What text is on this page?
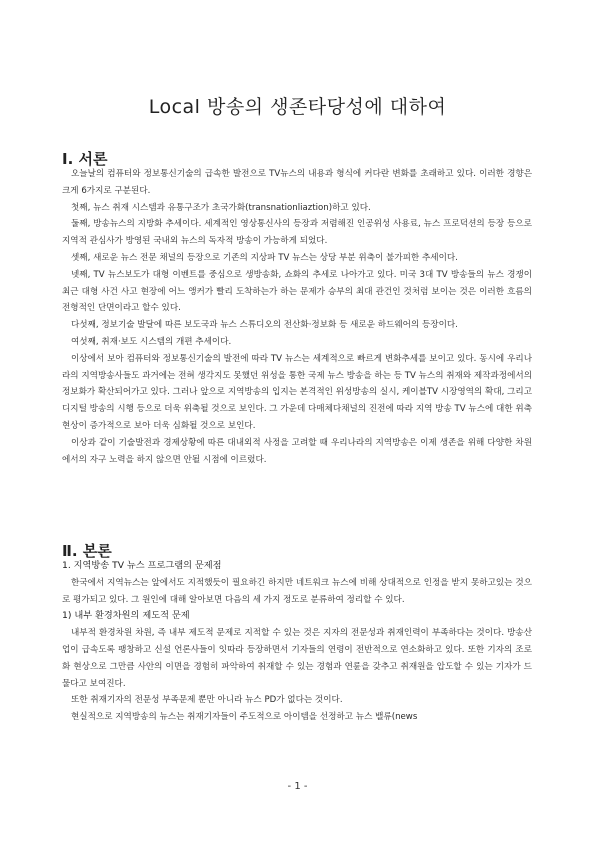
Local 방송의 생존타당성에 대하여
Ⅰ. 서론

오늘날의 컴퓨터와 정보통신기술의 급속한 발전으로 TV뉴스의 내용과 형식에 커다란 변화를 초래하고 있다. 이러한 경향은 크게 6가지로 구분된다.

첫째, 뉴스 취재 시스템과 유통구조가 초국가화(transnationliaztion)하고 있다.

둘째, 방송뉴스의 지방화 추세이다. 세계적인 영상통신사의 등장과 저렴해진 인공위성 사용료, 뉴스 프로덕션의 등장 등으로 지역적 관심사가 방영된 국내외 뉴스의 독자적 방송이 가능하게 되었다.

셋째, 새로운 뉴스 전문 채널의 등장으로 기존의 지상파 TV 뉴스는 상당 부분 위축이 불가피한 추세이다.

넷째, TV 뉴스보도가 대형 이벤트를 중심으로 생방송화, 쇼화의 추세로 나아가고 있다. 미국 3대 TV 방송들의 뉴스 경쟁이 최근 대형 사건 사고 현장에 어느 앵커가 빨리 도착하는가 하는 문제가 승부의 최대 관건인 것처럼 보이는 것은 이러한 흐름의 전형적인 단면이라고 할수 있다.

다섯째, 정보기술 발달에 따른 보도국과 뉴스 스튜디오의 전산화·정보화 등 새로운 하드웨어의 등장이다.

여섯째, 취재·보도 시스템의 개편 추세이다.

이상에서 보아 컴퓨터와 정보통신기술의 발전에 따라 TV 뉴스는 세계적으로 빠르게 변화추세를 보이고 있다. 동시에 우리나라의 지역방송사들도 과거에는 전혀 생각지도 못했던 위성을 통한 국제 뉴스 방송을 하는 등 TV 뉴스의 취재와 제작과정에서의 정보화가 확산되어가고 있다. 그러나 앞으로 지역방송의 입지는 본격적인 위성방송의 실시, 케이블TV 시장영역의 확대, 그리고 디지털 방송의 시행 등으로 더욱 위축될 것으로 보인다. 그 가운데 다매체다채널의 진전에 따라 지역 방송 TV 뉴스에 대한 위축 현상이 증가적으로 보아 더욱 심화될 것으로 보인다.

이상과 같이 기술발전과 경제상황에 따른 대내외적 사정을 고려할 때 우리나라의 지역방송은 이제 생존을 위해 다양한 차원에서의 자구 노력을 하지 않으면 안될 시점에 이르렀다.

Ⅱ. 본론

1. 지역방송 TV 뉴스 프로그램의 문제점

한국에서 지역뉴스는 앞에서도 지적했듯이 필요하긴 하지만 네트워크 뉴스에 비해 상대적으로 인정을 받지 못하고있는 것으로 평가되고 있다. 그 원인에 대해 알아보면 다음의 세 가지 정도로 분류하여 정리할 수 있다.

1) 내부 환경차원의 제도적 문제

내부적 환경차원 차원, 즉 내부 제도적 문제로 지적할 수 있는 것은 지자의 전문성과 취재인력이 부족하다는 것이다. 방송산업이 급속도록 팽창하고 신설 언론사들이 잇따라 등장하면서 기자들의 연령이 전반적으로 연소화하고 있다. 또한 기자의 조로화 현상으로 그만큼 사안의 이면을 경험히 파악하여 취재할 수 있는 경험과 연륜을 갖추고 취재원을 압도할 수 있는 기자가 드물다고 보여진다.

또한 취재기자의 전문성 부족문제 뿐만 아니라 뉴스 PD가 없다는 것이다.

현실적으로 지역방송의 뉴스는 취재기자들이 주도적으로 아이템을 선정하고 뉴스 밸류(news

- 1 -
